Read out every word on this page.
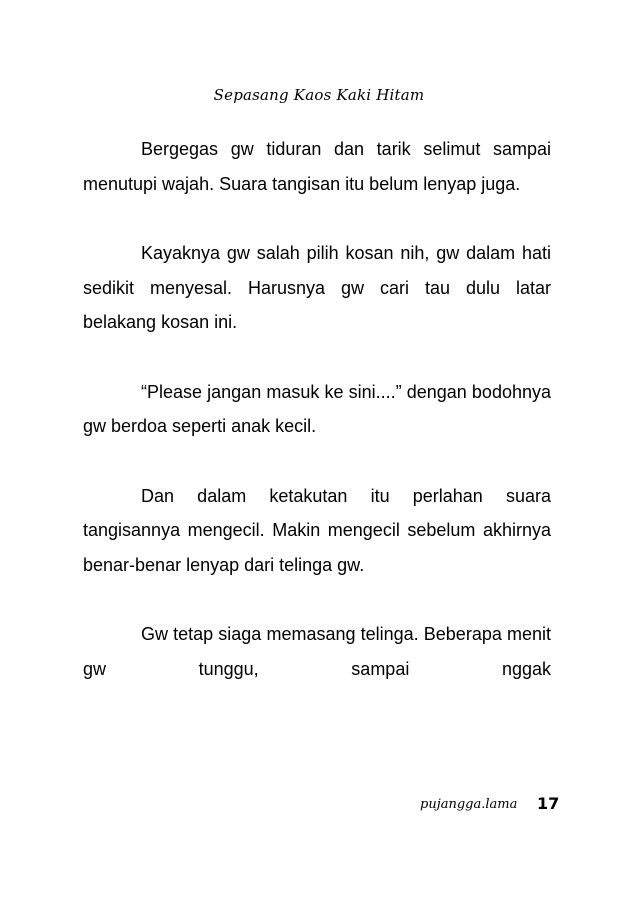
Sepasang Kaos Kaki Hitam

Bergegas gw tiduran dan tarik selimut sampai menutupi wajah. Suara tangisan itu belum lenyap juga.

Kayaknya gw salah pilih kosan nih, gw dalam hati sedikit menyesal. Harusnya gw cari tau dulu latar belakang kosan ini.

“Please jangan masuk ke sini....” dengan bodohnya gw berdoa seperti anak kecil.

Dan dalam ketakutan itu perlahan suara tangisannya mengecil. Makin mengecil sebelum akhirnya benar-benar lenyap dari telinga gw.

Gw tetap siaga memasang telinga. Beberapa menit gw tunggu, sampai nggak

pujangga.lama 17
